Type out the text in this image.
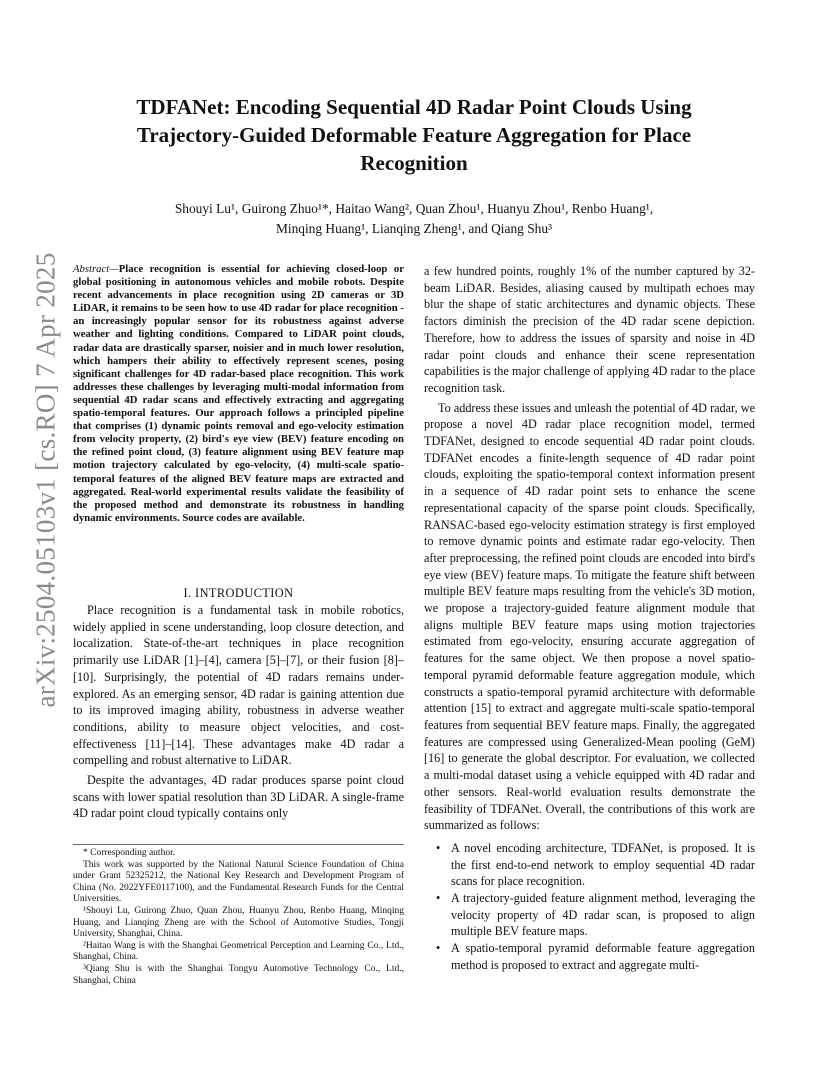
arXiv:2504.05103v1 [cs.RO] 7 Apr 2025
TDFANet: Encoding Sequential 4D Radar Point Clouds Using Trajectory-Guided Deformable Feature Aggregation for Place Recognition
Shouyi Lu¹, Guirong Zhuo¹*, Haitao Wang², Quan Zhou¹, Huanyu Zhou¹, Renbo Huang¹,
Minqing Huang¹, Lianqing Zheng¹, and Qiang Shu³
Abstract—Place recognition is essential for achieving closed-loop or global positioning in autonomous vehicles and mobile robots. Despite recent advancements in place recognition using 2D cameras or 3D LiDAR, it remains to be seen how to use 4D radar for place recognition - an increasingly popular sensor for its robustness against adverse weather and lighting conditions. Compared to LiDAR point clouds, radar data are drastically sparser, noisier and in much lower resolution, which hampers their ability to effectively represent scenes, posing significant challenges for 4D radar-based place recognition. This work addresses these challenges by leveraging multi-modal information from sequential 4D radar scans and effectively extracting and aggregating spatio-temporal features. Our approach follows a principled pipeline that comprises (1) dynamic points removal and ego-velocity estimation from velocity property, (2) bird's eye view (BEV) feature encoding on the refined point cloud, (3) feature alignment using BEV feature map motion trajectory calculated by ego-velocity, (4) multi-scale spatio-temporal features of the aligned BEV feature maps are extracted and aggregated. Real-world experimental results validate the feasibility of the proposed method and demonstrate its robustness in handling dynamic environments. Source codes are available.
I. INTRODUCTION

Place recognition is a fundamental task in mobile robotics, widely applied in scene understanding, loop closure detection, and localization. State-of-the-art techniques in place recognition primarily use LiDAR [1]–[4], camera [5]–[7], or their fusion [8]–[10]. Surprisingly, the potential of 4D radars remains under-explored. As an emerging sensor, 4D radar is gaining attention due to its improved imaging ability, robustness in adverse weather conditions, ability to measure object velocities, and cost-effectiveness [11]–[14]. These advantages make 4D radar a compelling and robust alternative to LiDAR.

Despite the advantages, 4D radar produces sparse point cloud scans with lower spatial resolution than 3D LiDAR. A single-frame 4D radar point cloud typically contains only

* Corresponding author.
This work was supported by the National Natural Science Foundation of China under Grant 52325212, the National Key Research and Development Program of China (No. 2022YFE0117100), and the Fundamental Research Funds for the Central Universities.
¹Shouyi Lu, Guirong Zhuo, Quan Zhou, Huanyu Zhou, Renbo Huang, Minqing Huang, and Lianqing Zheng are with the School of Automotive Studies, Tongji University, Shanghai, China.
²Haitao Wang is with the Shanghai Geometrical Perception and Learning Co., Ltd., Shanghai, China.
³Qiang Shu is with the Shanghai Tongyu Automotive Technology Co., Ltd., Shanghai, China

a few hundred points, roughly 1% of the number captured by 32-beam LiDAR. Besides, aliasing caused by multipath echoes may blur the shape of static architectures and dynamic objects. These factors diminish the precision of the 4D radar scene depiction. Therefore, how to address the issues of sparsity and noise in 4D radar point clouds and enhance their scene representation capabilities is the major challenge of applying 4D radar to the place recognition task.

To address these issues and unleash the potential of 4D radar, we propose a novel 4D radar place recognition model, termed TDFANet, designed to encode sequential 4D radar point clouds. TDFANet encodes a finite-length sequence of 4D radar point clouds, exploiting the spatio-temporal context information present in a sequence of 4D radar point sets to enhance the scene representational capacity of the sparse point clouds. Specifically, RANSAC-based ego-velocity estimation strategy is first employed to remove dynamic points and estimate radar ego-velocity. Then after preprocessing, the refined point clouds are encoded into bird's eye view (BEV) feature maps. To mitigate the feature shift between multiple BEV feature maps resulting from the vehicle's 3D motion, we propose a trajectory-guided feature alignment module that aligns multiple BEV feature maps using motion trajectories estimated from ego-velocity, ensuring accurate aggregation of features for the same object. We then propose a novel spatio-temporal pyramid deformable feature aggregation module, which constructs a spatio-temporal pyramid architecture with deformable attention [15] to extract and aggregate multi-scale spatio-temporal features from sequential BEV feature maps. Finally, the aggregated features are compressed using Generalized-Mean pooling (GeM) [16] to generate the global descriptor. For evaluation, we collected a multi-modal dataset using a vehicle equipped with 4D radar and other sensors. Real-world evaluation results demonstrate the feasibility of TDFANet. Overall, the contributions of this work are summarized as follows:

• A novel encoding architecture, TDFANet, is proposed. It is the first end-to-end network to employ sequential 4D radar scans for place recognition.
• A trajectory-guided feature alignment method, leveraging the velocity property of 4D radar scan, is proposed to align multiple BEV feature maps.
• A spatio-temporal pyramid deformable feature aggregation method is proposed to extract and aggregate multi-
